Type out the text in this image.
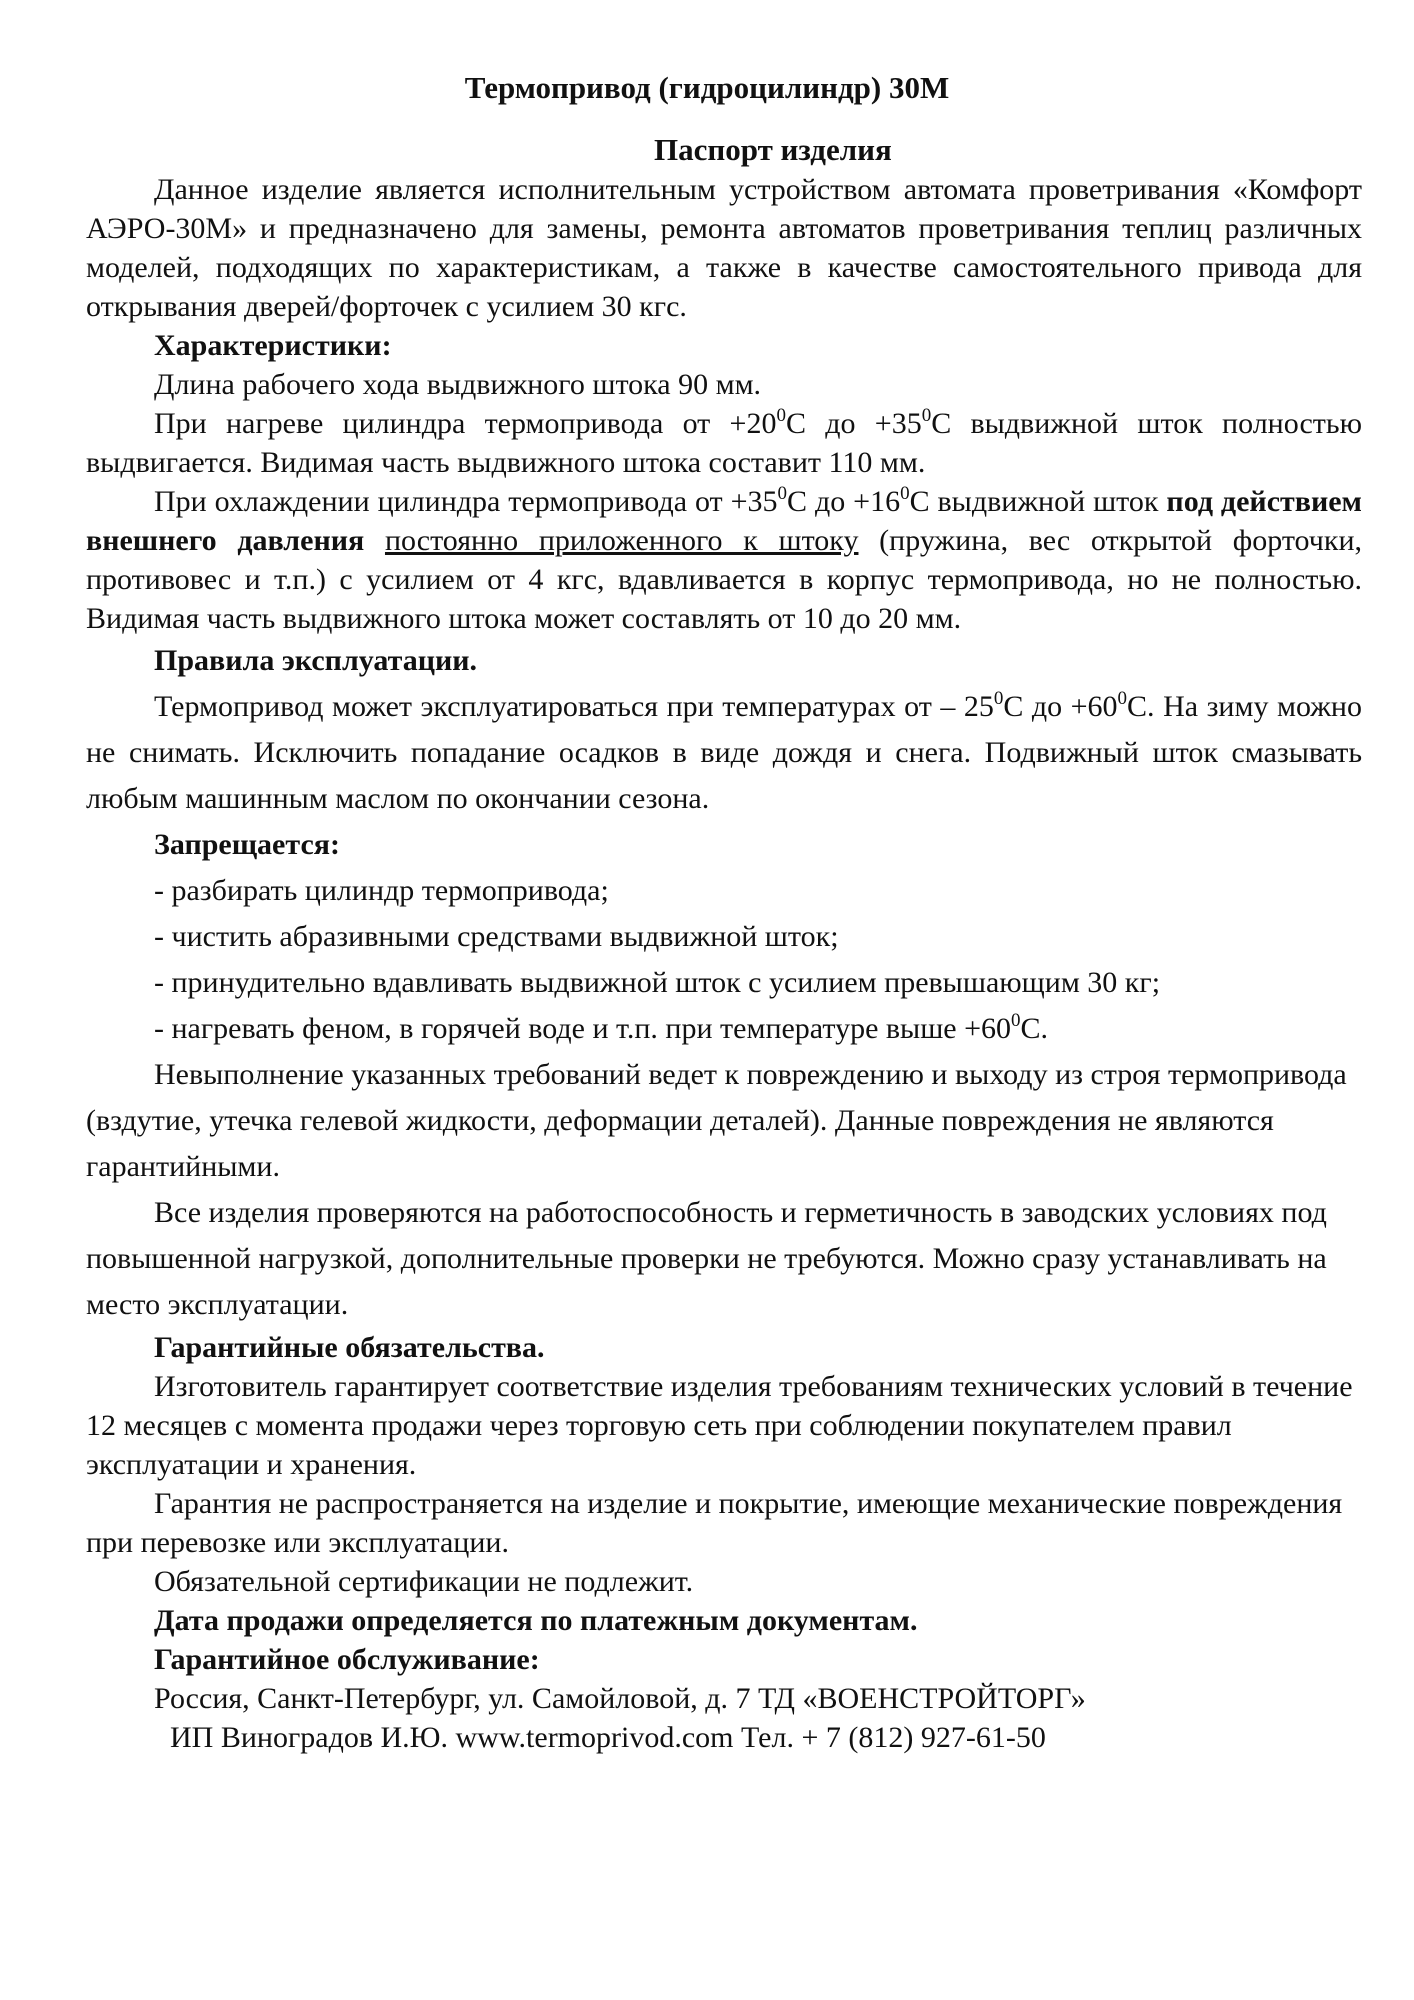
Термопривод (гидроцилиндр) 30М
Паспорт изделия

Данное изделие является исполнительным устройством автомата проветривания «Комфорт АЭРО-30М» и предназначено для замены, ремонта автоматов проветривания теплиц различных моделей, подходящих по характеристикам, а также в качестве самостоятельного привода для открывания дверей/форточек с усилием 30 кгс.

Характеристики:

Длина рабочего хода выдвижного штока 90 мм.

При нагреве цилиндра термопривода от $+20^0С$ до $+35^0С$ выдвижной шток полностью выдвигается. Видимая часть выдвижного штока составит 110 мм.

При охлаждении цилиндра термопривода от $+35^0С$ до $+16^0С$ выдвижной шток под действием внешнего давления постоянно приложенного к штоку (пружина, вес открытой форточки, противовес и т.п.) с усилием от 4 кгс, вдавливается в корпус термопривода, но не полностью. Видимая часть выдвижного штока может составлять от 10 до 20 мм.

Правила эксплуатации.

Термопривод может эксплуатироваться при температурах от – $25^0С$ до $+60^0С$. На зиму можно не снимать. Исключить попадание осадков в виде дождя и снега. Подвижный шток смазывать любым машинным маслом по окончании сезона.

Запрещается:

- разбирать цилиндр термопривода;

- чистить абразивными средствами выдвижной шток;

- принудительно вдавливать выдвижной шток с усилием превышающим 30 кг;

- нагревать феном, в горячей воде и т.п. при температуре выше $+60^0С$.

Невыполнение указанных требований ведет к повреждению и выходу из строя термопривода (вздутие, утечка гелевой жидкости, деформации деталей). Данные повреждения не являются гарантийными.

Все изделия проверяются на работоспособность и герметичность в заводских условиях под повышенной нагрузкой, дополнительные проверки не требуются. Можно сразу устанавливать на место эксплуатации.

Гарантийные обязательства.

Изготовитель гарантирует соответствие изделия требованиям технических условий в течение 12 месяцев с момента продажи через торговую сеть при соблюдении покупателем правил эксплуатации и хранения.

Гарантия не распространяется на изделие и покрытие, имеющие механические повреждения при перевозке или эксплуатации.

Обязательной сертификации не подлежит.

Дата продажи определяется по платежным документам.

Гарантийное обслуживание:

Россия, Санкт-Петербург, ул. Самойловой, д. 7 ТД «ВОЕНСТРОЙТОРГ»

ИП Виноградов И.Ю. www.termoprivod.com Тел. + 7 (812) 927-61-50
